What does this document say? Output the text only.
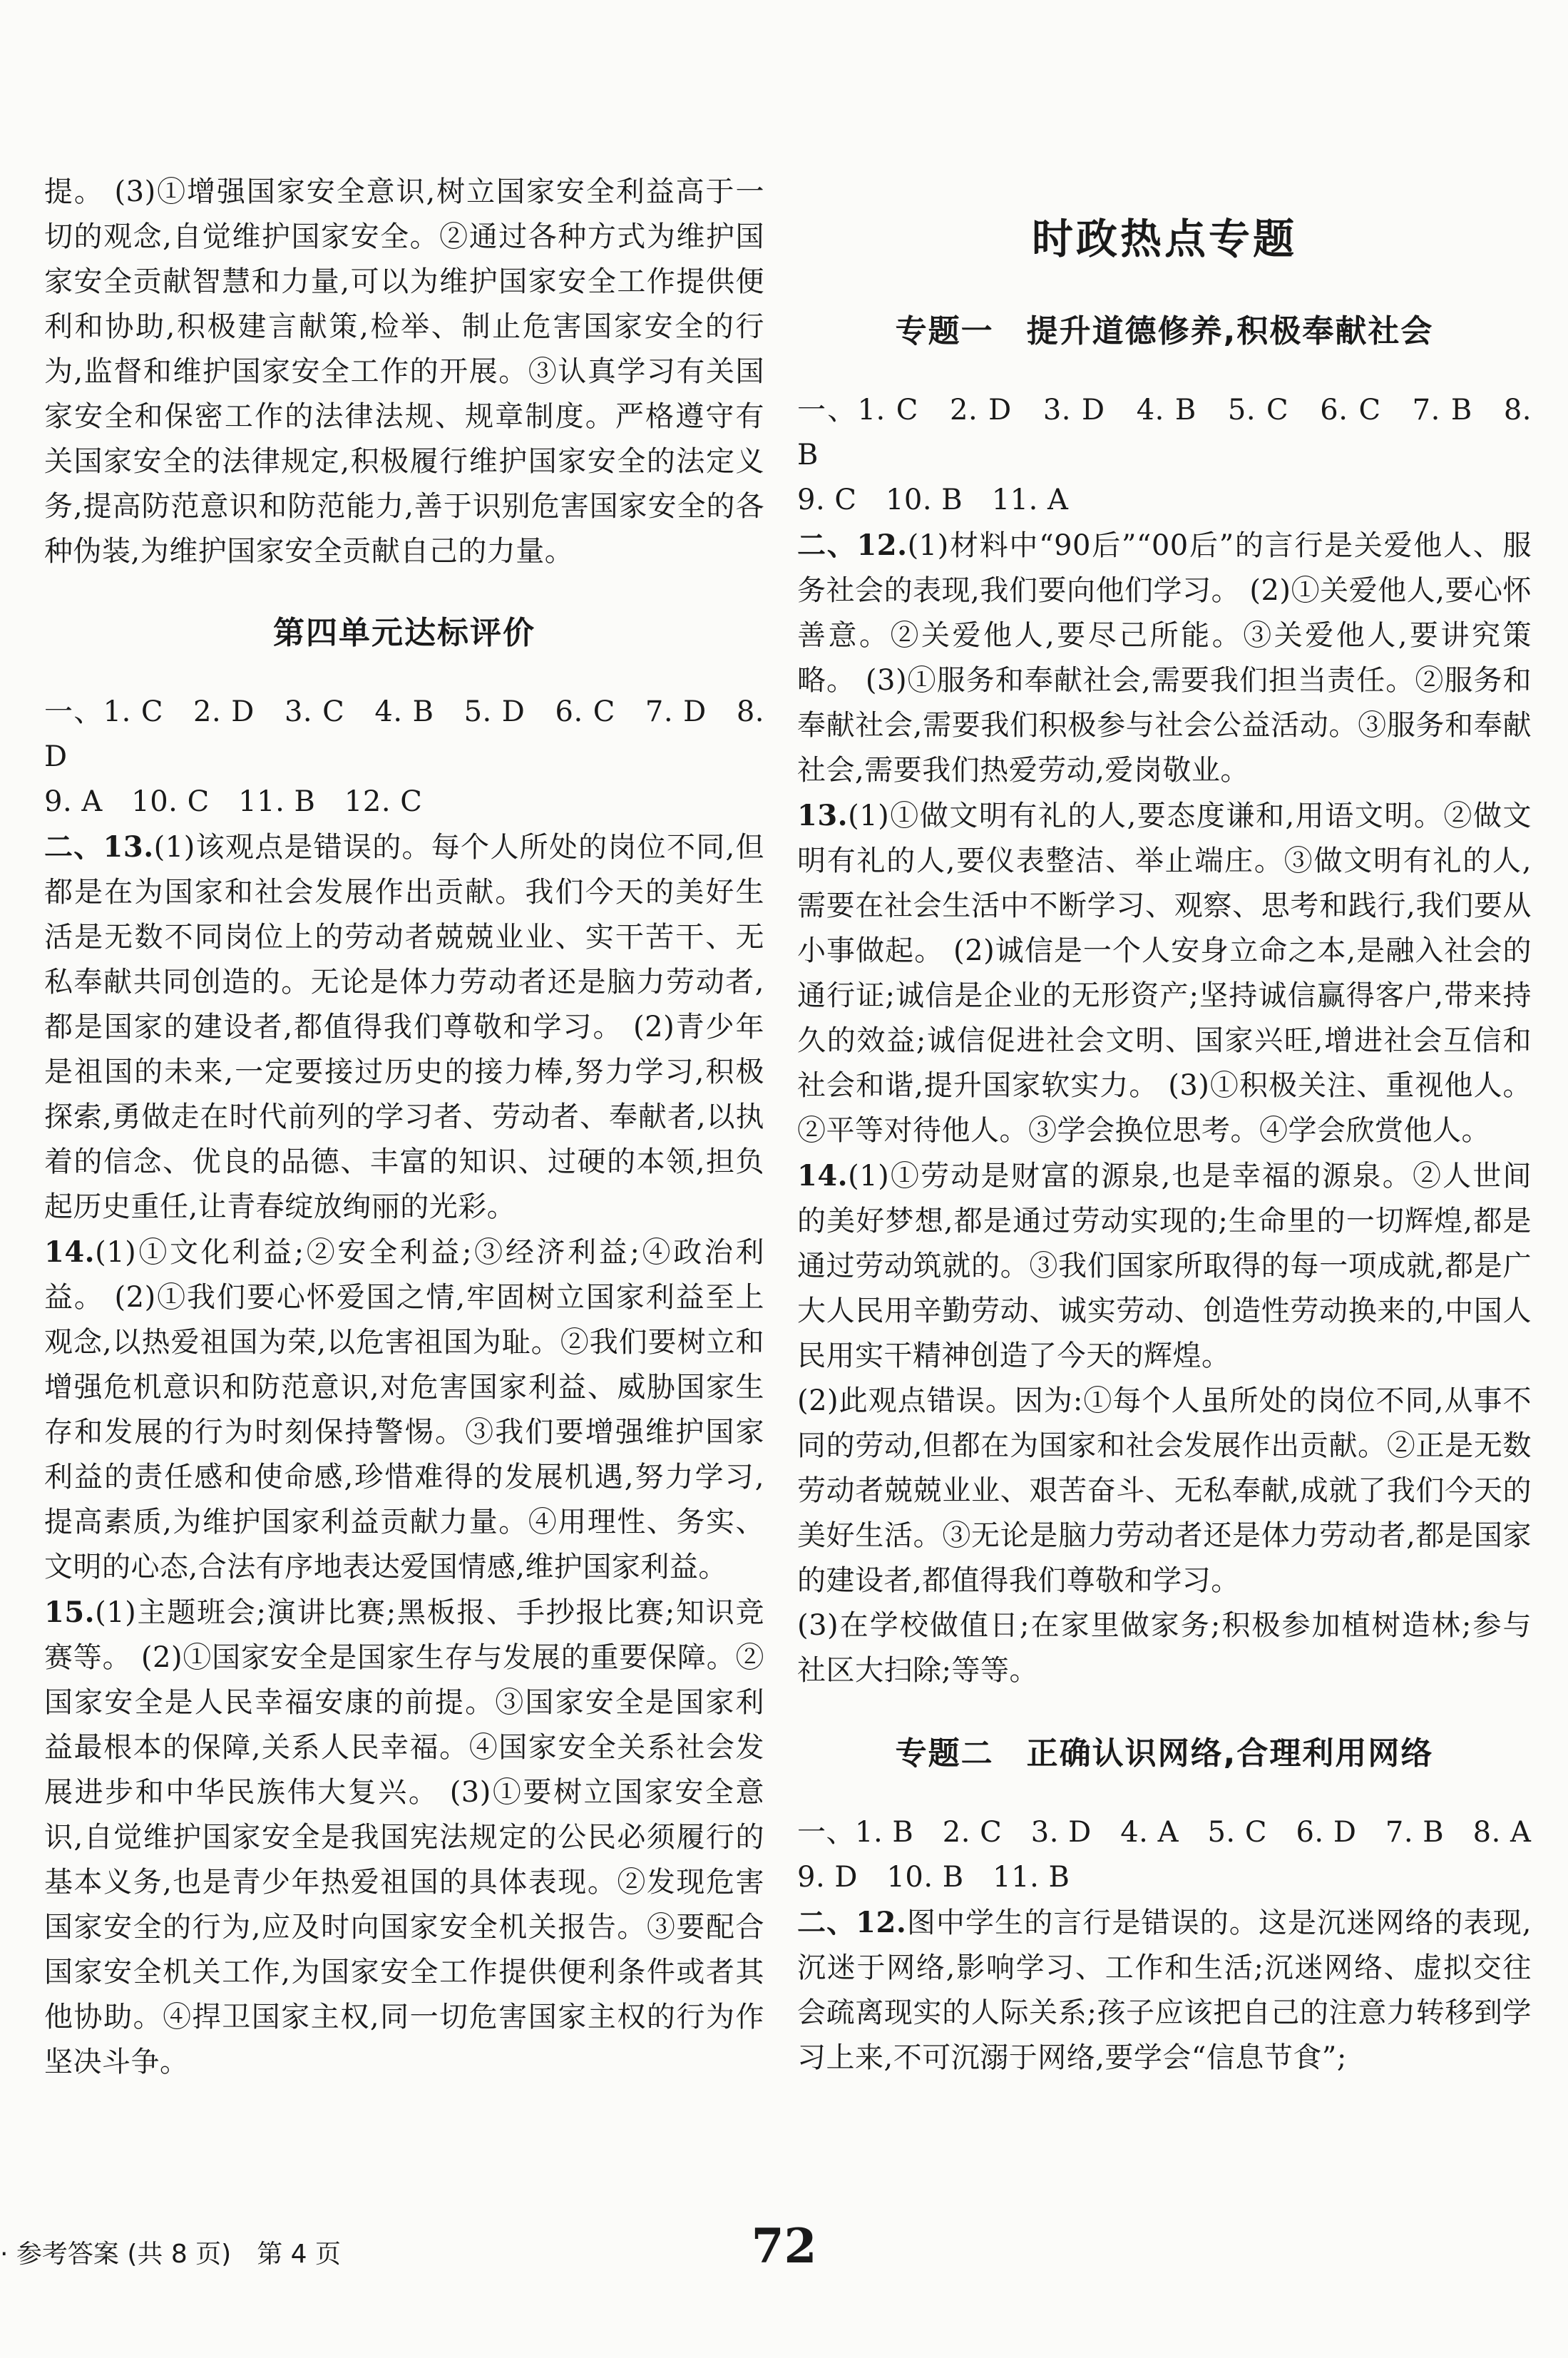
提。 (3)①增强国家安全意识,树立国家安全利益高于一切的观念,自觉维护国家安全。②通过各种方式为维护国家安全贡献智慧和力量,可以为维护国家安全工作提供便利和协助,积极建言献策,检举、制止危害国家安全的行为,监督和维护国家安全工作的开展。③认真学习有关国家安全和保密工作的法律法规、规章制度。严格遵守有关国家安全的法律规定,积极履行维护国家安全的法定义务,提高防范意识和防范能力,善于识别危害国家安全的各种伪装,为维护国家安全贡献自己的力量。

第四单元达标评价

一、1. C　2. D　3. C　4. B　5. D　6. C　7. D　8. D

9. A　10. C　11. B　12. C

二、13.(1)该观点是错误的。每个人所处的岗位不同,但都是在为国家和社会发展作出贡献。我们今天的美好生活是无数不同岗位上的劳动者兢兢业业、实干苦干、无私奉献共同创造的。无论是体力劳动者还是脑力劳动者,都是国家的建设者,都值得我们尊敬和学习。 (2)青少年是祖国的未来,一定要接过历史的接力棒,努力学习,积极探索,勇做走在时代前列的学习者、劳动者、奉献者,以执着的信念、优良的品德、丰富的知识、过硬的本领,担负起历史重任,让青春绽放绚丽的光彩。

14.(1)①文化利益;②安全利益;③经济利益;④政治利益。 (2)①我们要心怀爱国之情,牢固树立国家利益至上观念,以热爱祖国为荣,以危害祖国为耻。②我们要树立和增强危机意识和防范意识,对危害国家利益、威胁国家生存和发展的行为时刻保持警惕。③我们要增强维护国家利益的责任感和使命感,珍惜难得的发展机遇,努力学习,提高素质,为维护国家利益贡献力量。④用理性、务实、文明的心态,合法有序地表达爱国情感,维护国家利益。

15.(1)主题班会;演讲比赛;黑板报、手抄报比赛;知识竞赛等。 (2)①国家安全是国家生存与发展的重要保障。②国家安全是人民幸福安康的前提。③国家安全是国家利益最根本的保障,关系人民幸福。④国家安全关系社会发展进步和中华民族伟大复兴。 (3)①要树立国家安全意识,自觉维护国家安全是我国宪法规定的公民必须履行的基本义务,也是青少年热爱祖国的具体表现。②发现危害国家安全的行为,应及时向国家安全机关报告。③要配合国家安全机关工作,为国家安全工作提供便利条件或者其他协助。④捍卫国家主权,同一切危害国家主权的行为作坚决斗争。

时政热点专题
专题一　提升道德修养,积极奉献社会

一、1. C　2. D　3. D　4. B　5. C　6. C　7. B　8. B

9. C　10. B　11. A

二、12.(1)材料中“90后”“00后”的言行是关爱他人、服务社会的表现,我们要向他们学习。 (2)①关爱他人,要心怀善意。②关爱他人,要尽己所能。③关爱他人,要讲究策略。 (3)①服务和奉献社会,需要我们担当责任。②服务和奉献社会,需要我们积极参与社会公益活动。③服务和奉献社会,需要我们热爱劳动,爱岗敬业。

13.(1)①做文明有礼的人,要态度谦和,用语文明。②做文明有礼的人,要仪表整洁、举止端庄。③做文明有礼的人,需要在社会生活中不断学习、观察、思考和践行,我们要从小事做起。 (2)诚信是一个人安身立命之本,是融入社会的通行证;诚信是企业的无形资产;坚持诚信赢得客户,带来持久的效益;诚信促进社会文明、国家兴旺,增进社会互信和社会和谐,提升国家软实力。 (3)①积极关注、重视他人。②平等对待他人。③学会换位思考。④学会欣赏他人。

14.(1)①劳动是财富的源泉,也是幸福的源泉。②人世间的美好梦想,都是通过劳动实现的;生命里的一切辉煌,都是通过劳动筑就的。③我们国家所取得的每一项成就,都是广大人民用辛勤劳动、诚实劳动、创造性劳动换来的,中国人民用实干精神创造了今天的辉煌。

(2)此观点错误。因为:①每个人虽所处的岗位不同,从事不同的劳动,但都在为国家和社会发展作出贡献。②正是无数劳动者兢兢业业、艰苦奋斗、无私奉献,成就了我们今天的美好生活。③无论是脑力劳动者还是体力劳动者,都是国家的建设者,都值得我们尊敬和学习。

(3)在学校做值日;在家里做家务;积极参加植树造林;参与社区大扫除;等等。

专题二　正确认识网络,合理利用网络

一、1. B　2. C　3. D　4. A　5. C　6. D　7. B　8. A

9. D　10. B　11. B

二、12.图中学生的言行是错误的。这是沉迷网络的表现,沉迷于网络,影响学习、工作和生活;沉迷网络、虚拟交往会疏离现实的人际关系;孩子应该把自己的注意力转移到学习上来,不可沉溺于网络,要学会“信息节食”;

· 参考答案 (共 8 页)　第 4 页	72
